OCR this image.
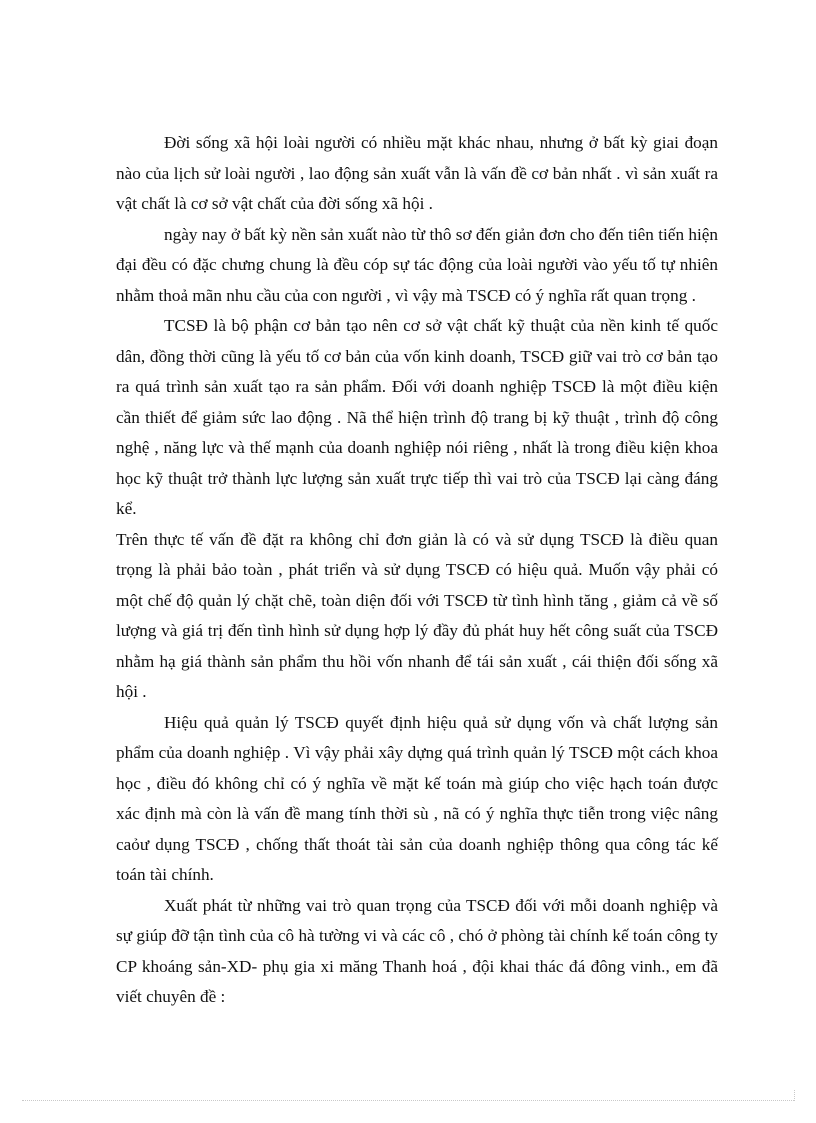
Đời sống xã hội loài người có nhiều mặt khác nhau, nhưng ở bất kỳ giai đoạn nào của lịch sử loài người , lao động sản xuất vẫn là vấn đề cơ bản nhất . vì sản xuất ra vật chất là cơ sở vật chất của đời sống xã hội .

ngày nay ở bất kỳ nền sản xuất nào từ thô sơ đến giản đơn cho đến tiên tiến hiện đại đều có đặc chưng chung là đều cóp sự tác động của loài người vào yếu tố tự nhiên nhằm thoả mãn nhu cầu của con người , vì vậy mà TSCĐ có ý nghĩa rất quan trọng .

TCSĐ là bộ phận cơ bản tạo nên cơ sở vật chất kỹ thuật của nền kinh tế quốc dân, đồng thời cũng là yếu tố cơ bản của vốn kinh doanh, TSCĐ giữ vai trò cơ bản tạo ra quá trình sản xuất tạo ra sản phẩm. Đối với doanh nghiệp TSCĐ là một điều kiện cần thiết để giảm sức lao động . Nã thể hiện trình độ trang bị kỹ thuật , trình độ công nghệ , năng lực và thế mạnh của doanh nghiệp nói riêng , nhất là trong điều kiện khoa học kỹ thuật trở thành lực lượng sản xuất trực tiếp thì vai trò của TSCĐ lại càng đáng kể.

Trên thực tế vấn đề đặt ra không chỉ đơn giản là có và sử dụng TSCĐ là điều quan trọng là phải bảo toàn , phát triển và sử dụng TSCĐ có hiệu quả. Muốn vậy phải có một chế độ quản lý chặt chẽ, toàn diện đối với TSCĐ từ tình hình tăng , giảm cả về số lượng và giá trị đến tình hình sử dụng hợp lý đầy đủ phát huy hết công suất của TSCĐ nhằm hạ giá thành sản phẩm thu hồi vốn nhanh để tái sản xuất , cái thiện đối sống xã hội .

Hiệu quả quản lý TSCĐ quyết định hiệu quả sử dụng vốn và chất lượng sản phẩm của doanh nghiệp . Vì vậy phải xây dựng quá trình quản lý TSCĐ một cách khoa học , điều đó không chỉ có ý nghĩa về mặt kế toán mà giúp cho việc hạch toán được xác định mà còn là vấn đề mang tính thời sù , nã có ý nghĩa thực tiễn trong việc nâng caỏư dụng TSCĐ , chống thất thoát tài sản của doanh nghiệp thông qua công tác kế toán tài chính.

Xuất phát từ những vai trò quan trọng của TSCĐ đối với mỗi doanh nghiệp và sự giúp đỡ tận tình của cô hà tường vi và các cô , chó ở phòng tài chính kế toán công ty CP khoáng sản-XD- phụ gia xi măng Thanh hoá , đội khai thác đá đông vinh., em đã viết chuyên đề :
